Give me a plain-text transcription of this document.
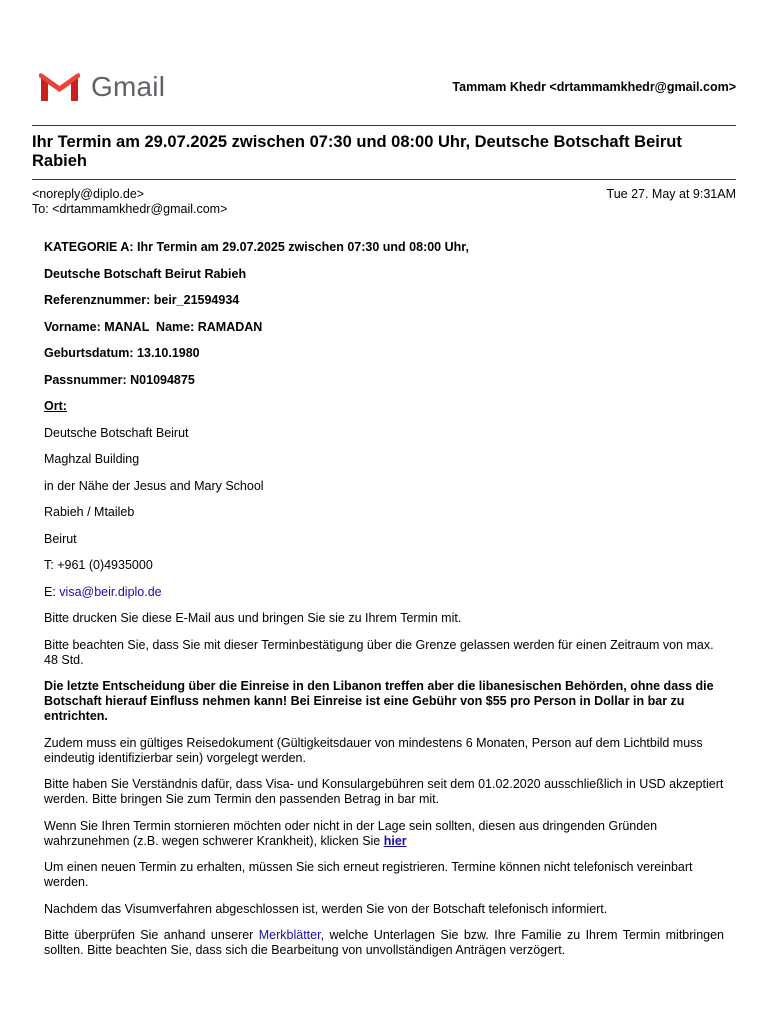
Gmail	Tammam Khedr <drtammamkhedr@gmail.com>
Ihr Termin am 29.07.2025 zwischen 07:30 und 08:00 Uhr, Deutsche Botschaft Beirut Rabieh
<noreply@diplo.de>
To: <drtammamkhedr@gmail.com>
Tue 27. May at 9:31AM

KATEGORIE A: Ihr Termin am 29.07.2025 zwischen 07:30 und 08:00 Uhr,

Deutsche Botschaft Beirut Rabieh

Referenznummer: beir_21594934

Vorname: MANAL  Name: RAMADAN

Geburtsdatum: 13.10.1980

Passnummer: N01094875

Ort:

Deutsche Botschaft Beirut

Maghzal Building

in der Nähe der Jesus and Mary School

Rabieh / Mtaileb

Beirut

T: +961 (0)4935000

E: visa@beir.diplo.de

Bitte drucken Sie diese E-Mail aus und bringen Sie sie zu Ihrem Termin mit.

Bitte beachten Sie, dass Sie mit dieser Terminbestätigung über die Grenze gelassen werden für einen Zeitraum von max. 48 Std.

Die letzte Entscheidung über die Einreise in den Libanon treffen aber die libanesischen Behörden, ohne dass die Botschaft hierauf Einfluss nehmen kann! Bei Einreise ist eine Gebühr von $55 pro Person in Dollar in bar zu entrichten.

Zudem muss ein gültiges Reisedokument (Gültigkeitsdauer von mindestens 6 Monaten, Person auf dem Lichtbild muss eindeutig identifizierbar sein) vorgelegt werden.

Bitte haben Sie Verständnis dafür, dass Visa- und Konsulargebühren seit dem 01.02.2020 ausschließlich in USD akzeptiert werden. Bitte bringen Sie zum Termin den passenden Betrag in bar mit.

Wenn Sie Ihren Termin stornieren möchten oder nicht in der Lage sein sollten, diesen aus dringenden Gründen wahrzunehmen (z.B. wegen schwerer Krankheit), klicken Sie hier

Um einen neuen Termin zu erhalten, müssen Sie sich erneut registrieren. Termine können nicht telefonisch vereinbart werden.

Nachdem das Visumverfahren abgeschlossen ist, werden Sie von der Botschaft telefonisch informiert.

Bitte überprüfen Sie anhand unserer Merkblätter, welche Unterlagen Sie bzw. Ihre Familie zu Ihrem Termin mitbringen sollten. Bitte beachten Sie, dass sich die Bearbeitung von unvollständigen Anträgen verzögert.
